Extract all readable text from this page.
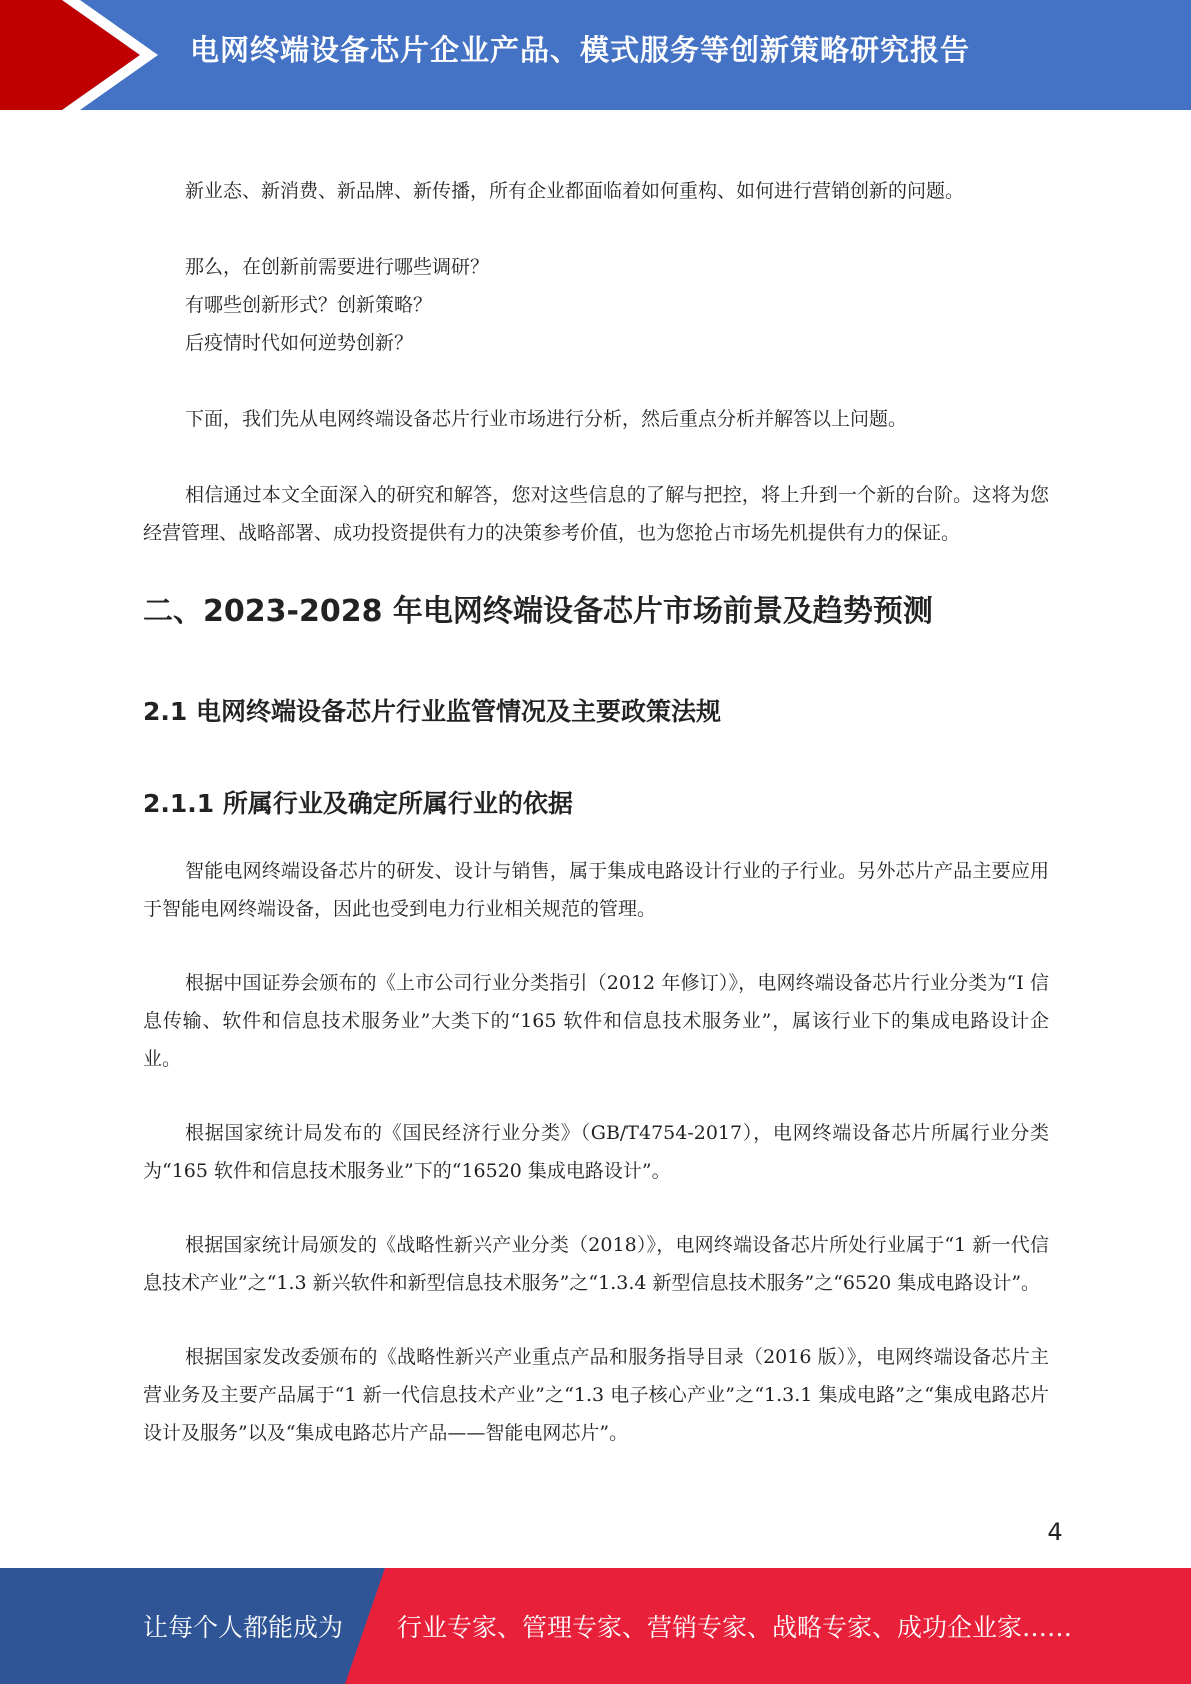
电网终端设备芯片企业产品、模式服务等创新策略研究报告

新业态、新消费、新品牌、新传播，所有企业都面临着如何重构、如何进行营销创新的问题。

那么，在创新前需要进行哪些调研？

有哪些创新形式？创新策略？

后疫情时代如何逆势创新？

下面，我们先从电网终端设备芯片行业市场进行分析，然后重点分析并解答以上问题。

相信通过本文全面深入的研究和解答，您对这些信息的了解与把控，将上升到一个新的台阶。这将为您经营管理、战略部署、成功投资提供有力的决策参考价值，也为您抢占市场先机提供有力的保证。

二、2023-2028 年电网终端设备芯片市场前景及趋势预测
2.1 电网终端设备芯片行业监管情况及主要政策法规
2.1.1 所属行业及确定所属行业的依据

智能电网终端设备芯片的研发、设计与销售，属于集成电路设计行业的子行业。另外芯片产品主要应用于智能电网终端设备，因此也受到电力行业相关规范的管理。

根据中国证券会颁布的《上市公司行业分类指引（2012 年修订）》，电网终端设备芯片行业分类为“I 信息传输、软件和信息技术服务业”大类下的“165 软件和信息技术服务业”，属该行业下的集成电路设计企业。

根据国家统计局发布的《国民经济行业分类》（GB/T4754-2017），电网终端设备芯片所属行业分类为“165 软件和信息技术服务业”下的“16520 集成电路设计”。

根据国家统计局颁发的《战略性新兴产业分类（2018）》，电网终端设备芯片所处行业属于“1 新一代信息技术产业”之“1.3 新兴软件和新型信息技术服务”之“1.3.4 新型信息技术服务”之“6520 集成电路设计”。

根据国家发改委颁布的《战略性新兴产业重点产品和服务指导目录（2016 版）》，电网终端设备芯片主营业务及主要产品属于“1 新一代信息技术产业”之“1.3 电子核心产业”之“1.3.1 集成电路”之“集成电路芯片设计及服务”以及“集成电路芯片产品——智能电网芯片”。

4
让每个人都能成为 行业专家、管理专家、营销专家、战略专家、成功企业家……
